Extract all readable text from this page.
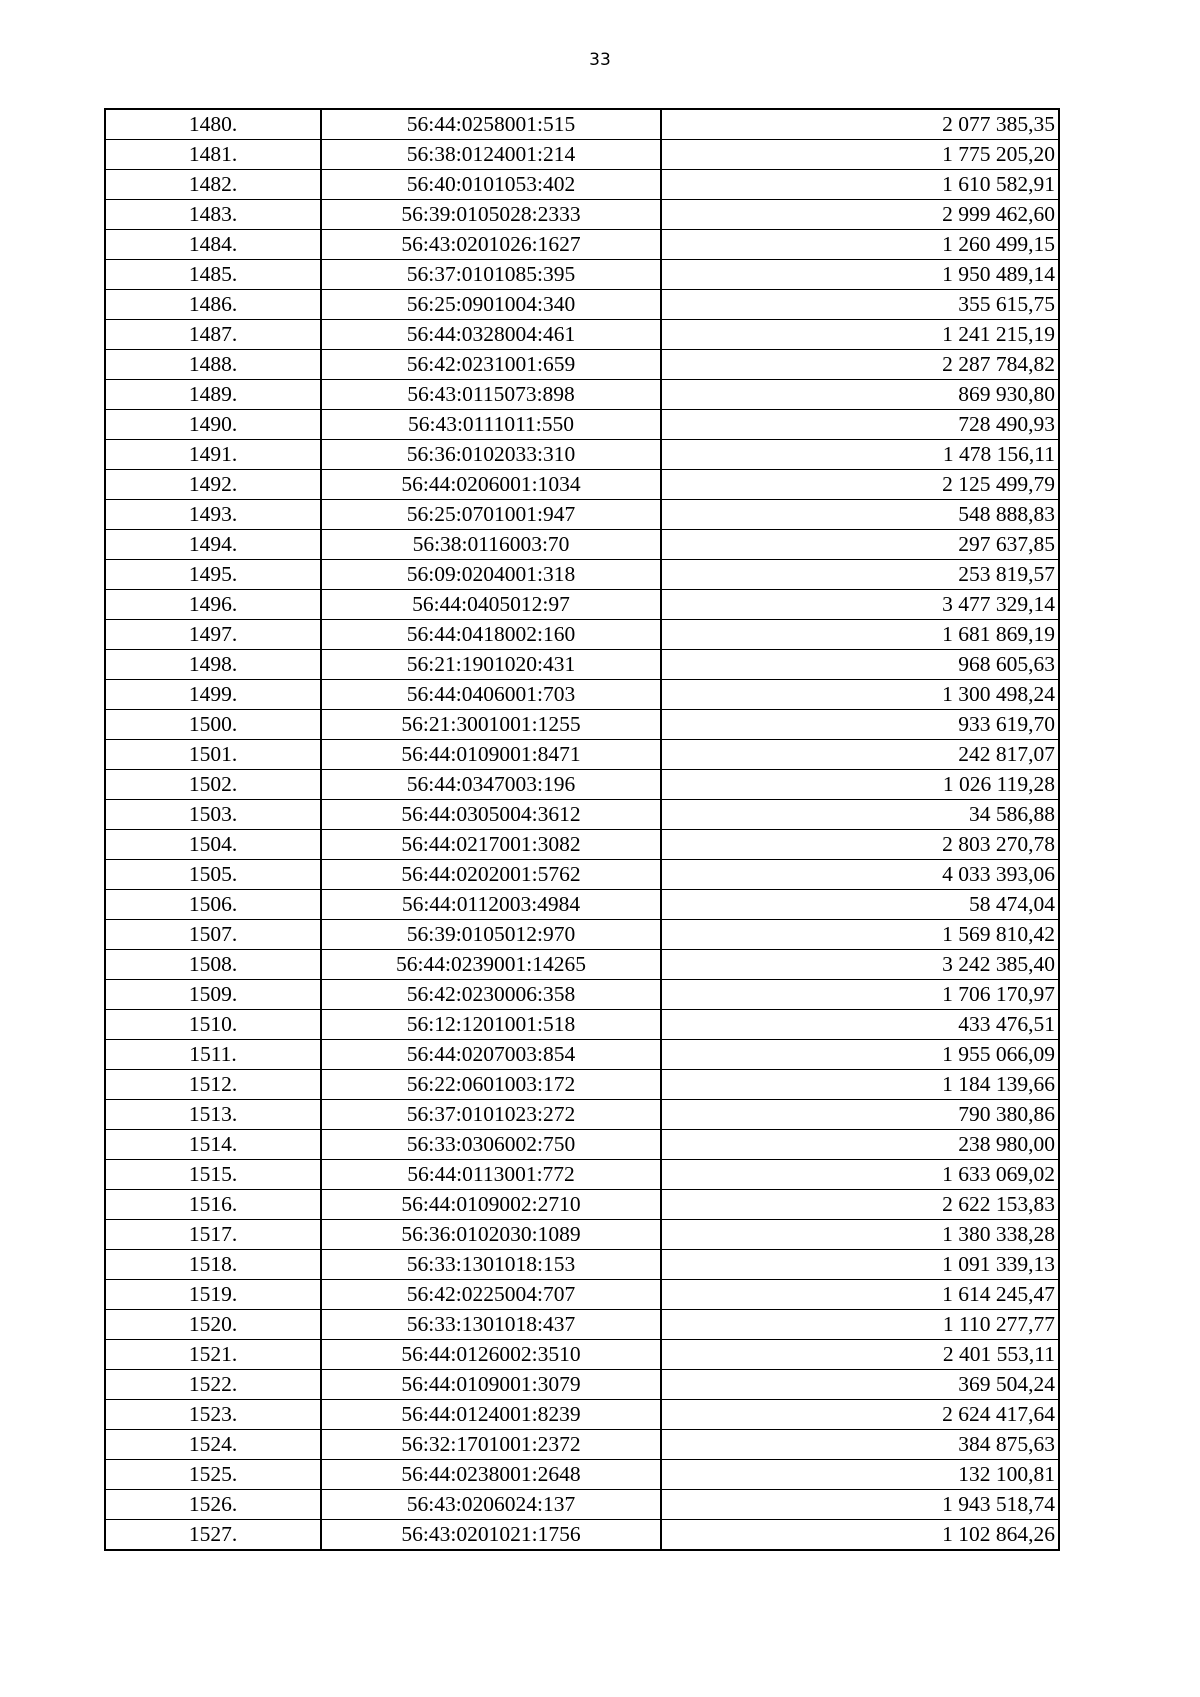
33
1480.	56:44:0258001:515	2 077 385,35
1481.	56:38:0124001:214	1 775 205,20
1482.	56:40:0101053:402	1 610 582,91
1483.	56:39:0105028:2333	2 999 462,60
1484.	56:43:0201026:1627	1 260 499,15
1485.	56:37:0101085:395	1 950 489,14
1486.	56:25:0901004:340	355 615,75
1487.	56:44:0328004:461	1 241 215,19
1488.	56:42:0231001:659	2 287 784,82
1489.	56:43:0115073:898	869 930,80
1490.	56:43:0111011:550	728 490,93
1491.	56:36:0102033:310	1 478 156,11
1492.	56:44:0206001:1034	2 125 499,79
1493.	56:25:0701001:947	548 888,83
1494.	56:38:0116003:70	297 637,85
1495.	56:09:0204001:318	253 819,57
1496.	56:44:0405012:97	3 477 329,14
1497.	56:44:0418002:160	1 681 869,19
1498.	56:21:1901020:431	968 605,63
1499.	56:44:0406001:703	1 300 498,24
1500.	56:21:3001001:1255	933 619,70
1501.	56:44:0109001:8471	242 817,07
1502.	56:44:0347003:196	1 026 119,28
1503.	56:44:0305004:3612	34 586,88
1504.	56:44:0217001:3082	2 803 270,78
1505.	56:44:0202001:5762	4 033 393,06
1506.	56:44:0112003:4984	58 474,04
1507.	56:39:0105012:970	1 569 810,42
1508.	56:44:0239001:14265	3 242 385,40
1509.	56:42:0230006:358	1 706 170,97
1510.	56:12:1201001:518	433 476,51
1511.	56:44:0207003:854	1 955 066,09
1512.	56:22:0601003:172	1 184 139,66
1513.	56:37:0101023:272	790 380,86
1514.	56:33:0306002:750	238 980,00
1515.	56:44:0113001:772	1 633 069,02
1516.	56:44:0109002:2710	2 622 153,83
1517.	56:36:0102030:1089	1 380 338,28
1518.	56:33:1301018:153	1 091 339,13
1519.	56:42:0225004:707	1 614 245,47
1520.	56:33:1301018:437	1 110 277,77
1521.	56:44:0126002:3510	2 401 553,11
1522.	56:44:0109001:3079	369 504,24
1523.	56:44:0124001:8239	2 624 417,64
1524.	56:32:1701001:2372	384 875,63
1525.	56:44:0238001:2648	132 100,81
1526.	56:43:0206024:137	1 943 518,74
1527.	56:43:0201021:1756	1 102 864,26
